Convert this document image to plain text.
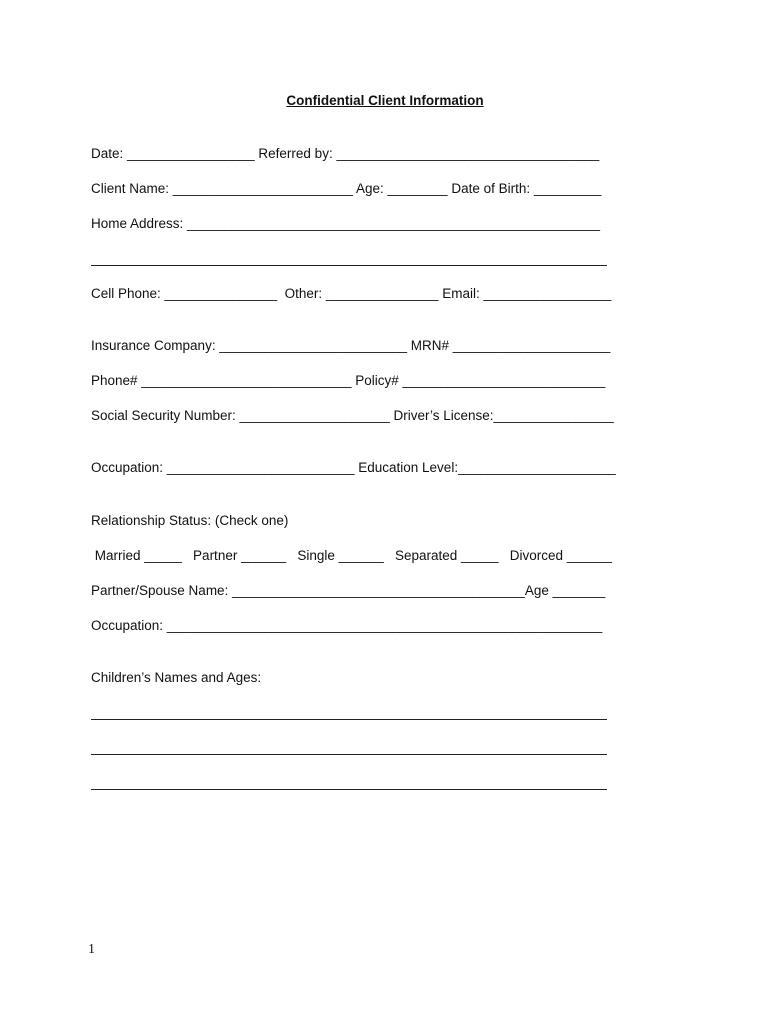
Confidential Client Information
Date: _________________ Referred by: ___________________________________
Client Name: ________________________ Age: ________ Date of Birth: _________
Home Address: _______________________________________________________
Cell Phone: _______________  Other: _______________ Email: _________________
Insurance Company: _________________________ MRN# _____________________
Phone# ____________________________ Policy# ___________________________
Social Security Number: ____________________ Driver’s License:________________
Occupation: _________________________ Education Level:_____________________
Relationship Status: (Check one)
Married _____   Partner ______   Single ______   Separated _____   Divorced ______
Partner/Spouse Name: _______________________________________Age _______
Occupation: __________________________________________________________
Children’s Names and Ages:
1
